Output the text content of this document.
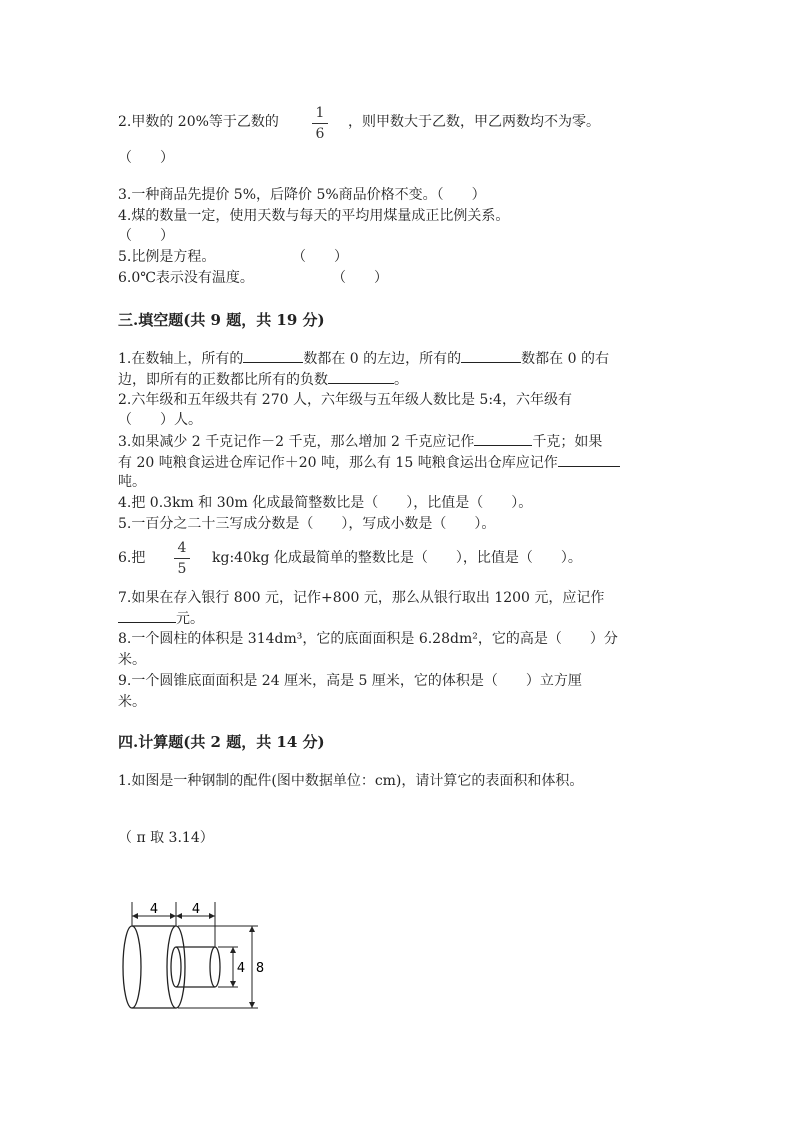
2.甲数的 20%等于乙数的
1
6
，则甲数大于乙数，甲乙两数均不为零。
（　　）
3.一种商品先提价 5%，后降价 5%商品价格不变。（　　）
4.煤的数量一定，使用天数与每天的平均用煤量成正比例关系。
（　　）
5.比例是方程。	（　　）
6.0℃表示没有温度。	（　　）
三.填空题(共 9 题，共 19 分)
1.在数轴上，所有的	数都在 0 的左边，所有的	数都在 0 的右
边，即所有的正数都比所有的负数	。
2.六年级和五年级共有 270 人，六年级与五年级人数比是 5:4，六年级有
（　　）人。
3.如果减少 2 千克记作－2 千克，那么增加 2 千克应记作	千克；如果
有 20 吨粮食运进仓库记作＋20 吨，那么有 15 吨粮食运出仓库应记作
吨。
4.把 0.3km 和 30m 化成最简整数比是（　　），比值是（　　）。
5.一百分之二十三写成分数是（　　），写成小数是（　　）。
6.把
4
5
kg:40kg 化成最简单的整数比是（　　），比值是（　　）。
7.如果在存入银行 800 元，记作+800 元，那么从银行取出 1200 元，应记作
元。
8.一个圆柱的体积是 314dm³，它的底面面积是 6.28dm²，它的高是（　　）分
米。
9.一个圆锥底面面积是 24 厘米，高是 5 厘米，它的体积是（　　）立方厘
米。
四.计算题(共 2 题，共 14 分)
1.如图是一种钢制的配件(图中数据单位：cm)，请计算它的表面积和体积。
（ π 取 3.14）
4	4
4 8
